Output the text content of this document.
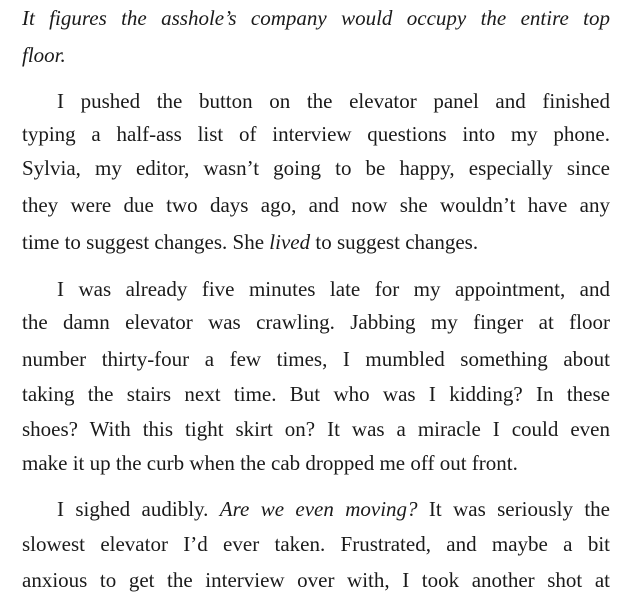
It figures the asshole’s company would occupy the entire top
floor.
I pushed the button on the elevator panel and finished
typing a half-ass list of interview questions into my phone.
Sylvia, my editor, wasn’t going to be happy, especially since
they were due two days ago, and now she wouldn’t have any
time to suggest changes. She lived to suggest changes.
I was already five minutes late for my appointment, and
the damn elevator was crawling. Jabbing my finger at floor
number thirty-four a few times, I mumbled something about
taking the stairs next time. But who was I kidding? In these
shoes? With this tight skirt on? It was a miracle I could even
make it up the curb when the cab dropped me off out front.
I sighed audibly. Are we even moving? It was seriously the
slowest elevator I’d ever taken. Frustrated, and maybe a bit
anxious to get the interview over with, I took another shot at
